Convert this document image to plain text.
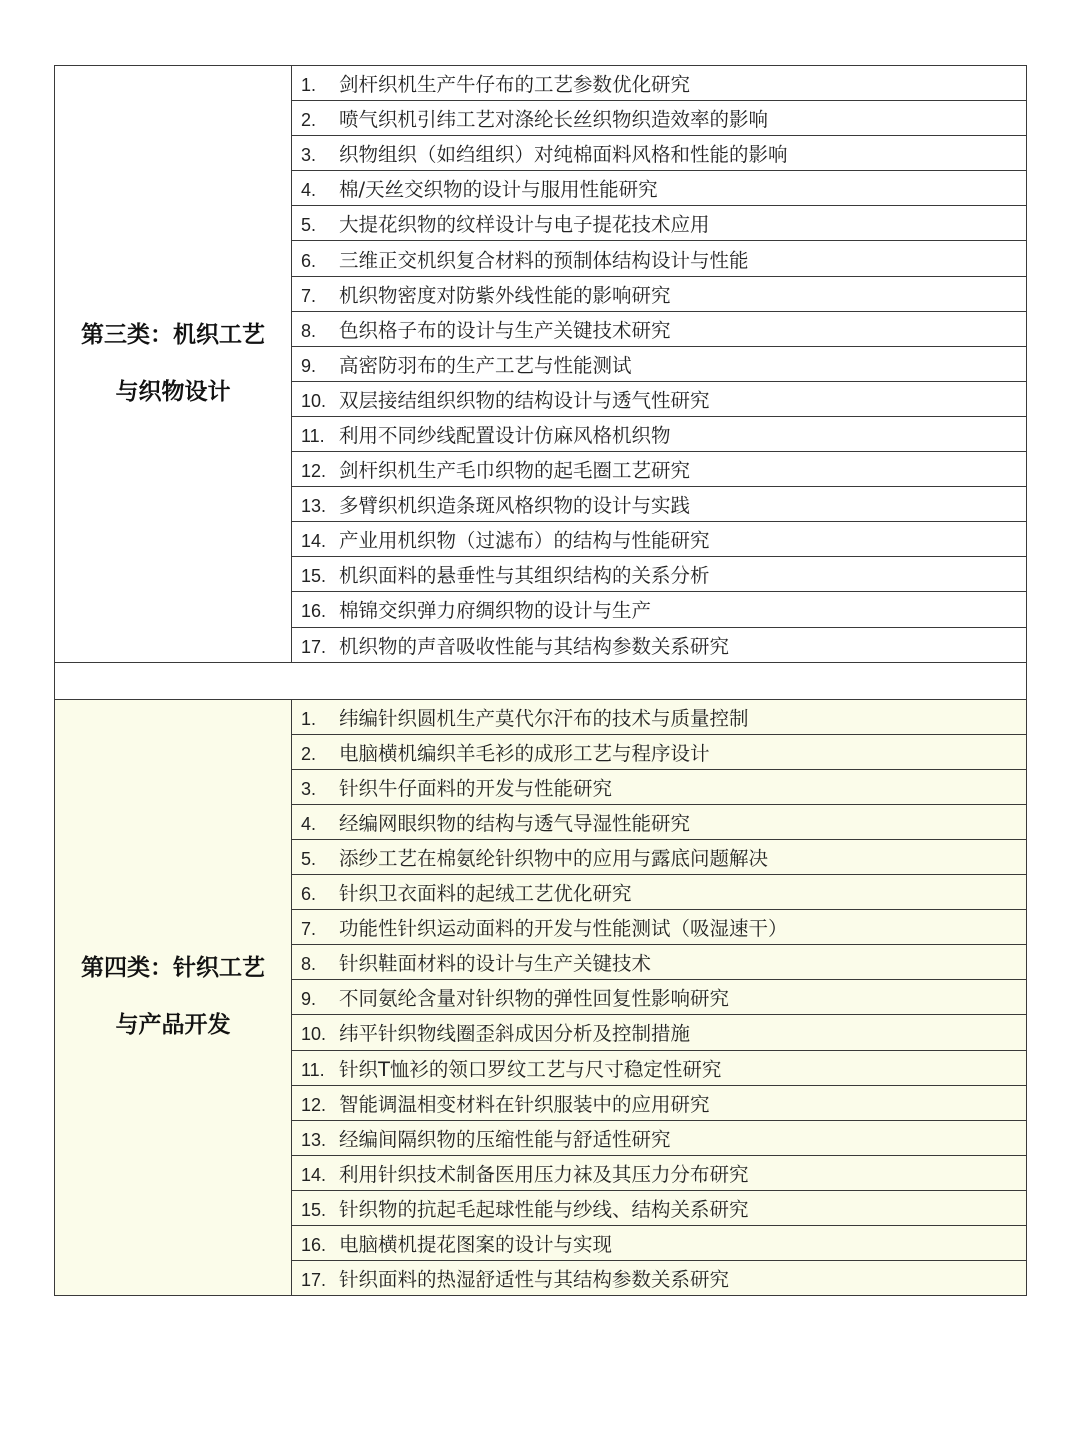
第三类：机织工艺与织物设计	1. 剑杆织机生产牛仔布的工艺参数优化研究
	2. 喷气织机引纬工艺对涤纶长丝织物织造效率的影响
	3. 织物组织（如绉组织）对纯棉面料风格和性能的影响
	4. 棉/天丝交织物的设计与服用性能研究
	5. 大提花织物的纹样设计与电子提花技术应用
	6. 三维正交机织复合材料的预制体结构设计与性能
	7. 机织物密度对防紫外线性能的影响研究
	8. 色织格子布的设计与生产关键技术研究
	9. 高密防羽布的生产工艺与性能测试
	10. 双层接结组织织物的结构设计与透气性研究
	11. 利用不同纱线配置设计仿麻风格机织物
	12. 剑杆织机生产毛巾织物的起毛圈工艺研究
	13. 多臂织机织造条斑风格织物的设计与实践
	14. 产业用机织物（过滤布）的结构与性能研究
	15. 机织面料的悬垂性与其组织结构的关系分析
	16. 棉锦交织弹力府绸织物的设计与生产
	17. 机织物的声音吸收性能与其结构参数关系研究

第四类：针织工艺与产品开发	1. 纬编针织圆机生产莫代尔汗布的技术与质量控制
	2. 电脑横机编织羊毛衫的成形工艺与程序设计
	3. 针织牛仔面料的开发与性能研究
	4. 经编网眼织物的结构与透气导湿性能研究
	5. 添纱工艺在棉氨纶针织物中的应用与露底问题解决
	6. 针织卫衣面料的起绒工艺优化研究
	7. 功能性针织运动面料的开发与性能测试（吸湿速干）
	8. 针织鞋面材料的设计与生产关键技术
	9. 不同氨纶含量对针织物的弹性回复性影响研究
	10. 纬平针织物线圈歪斜成因分析及控制措施
	11. 针织T恤衫的领口罗纹工艺与尺寸稳定性研究
	12. 智能调温相变材料在针织服装中的应用研究
	13. 经编间隔织物的压缩性能与舒适性研究
	14. 利用针织技术制备医用压力袜及其压力分布研究
	15. 针织物的抗起毛起球性能与纱线、结构关系研究
	16. 电脑横机提花图案的设计与实现
	17. 针织面料的热湿舒适性与其结构参数关系研究
